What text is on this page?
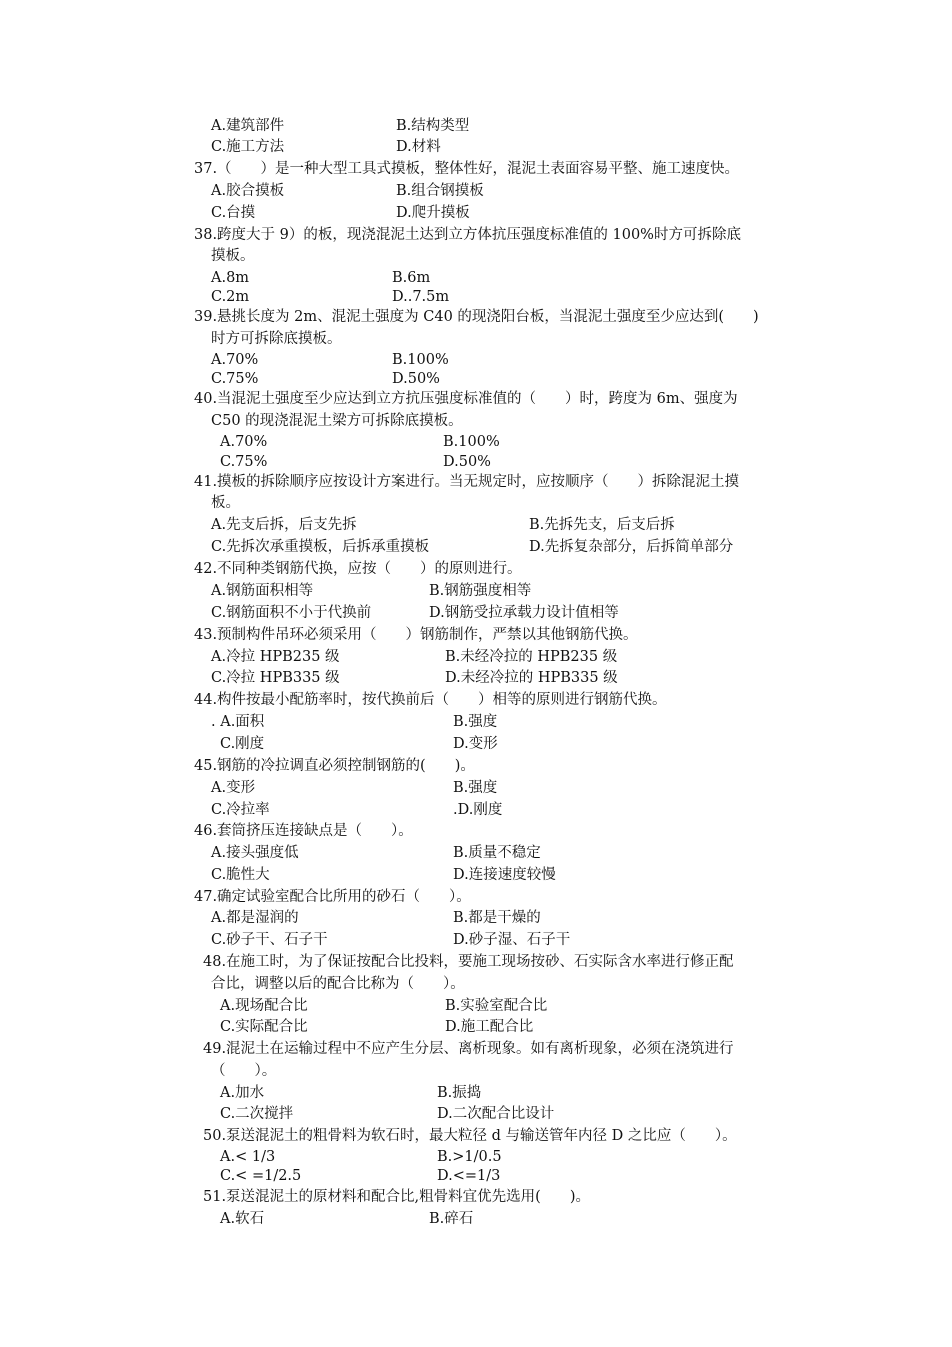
A.建筑部件	B.结构类型
C.施工方法	D.材料
37.（　　）是一种大型工具式摸板，整体性好，混泥土表面容易平整、施工速度快。
A.胶合摸板	B.组合钢摸板
C.台摸	D.爬升摸板
38.跨度大于 9）的板，现浇混泥土达到立方体抗压强度标准值的 100%时方可拆除底
摸板。
A.8m	B.6m
C.2m	D..7.5m
39.悬挑长度为 2m、混泥土强度为 C40 的现浇阳台板，当混泥土强度至少应达到(　　)
时方可拆除底摸板。
A.70%	B.100%
C.75%	D.50%
40.当混泥土强度至少应达到立方抗压强度标准值的（　　）时，跨度为 6m、强度为
C50 的现浇混泥土梁方可拆除底摸板。
A.70%	B.100%
C.75%	D.50%
41.摸板的拆除顺序应按设计方案进行。当无规定时，应按顺序（　　）拆除混泥土摸
板。
A.先支后拆，后支先拆	B.先拆先支，后支后拆
C.先拆次承重摸板，后拆承重摸板	D.先拆复杂部分，后拆简单部分
42.不同种类钢筋代换，应按（　　）的原则进行。
A.钢筋面积相等	B.钢筋强度相等
C.钢筋面积不小于代换前	D.钢筋受拉承载力设计值相等
43.预制构件吊环必须采用（　　）钢筋制作，严禁以其他钢筋代换。
A.冷拉 HPB235 级	B.未经冷拉的 HPB235 级
C.冷拉 HPB335 级	D.未经冷拉的 HPB335 级
44.构件按最小配筋率时，按代换前后（　　）相等的原则进行钢筋代换。
. A.面积	B.强度
C.刚度	D.变形
45.钢筋的冷拉调直必须控制钢筋的(　　)。
A.变形	B.强度
C.冷拉率	.D.刚度
46.套筒挤压连接缺点是（　　）。
A.接头强度低	B.质量不稳定
C.脆性大	D.连接速度较慢
47.确定试验室配合比所用的砂石（　　）。
A.都是湿润的	B.都是干燥的
C.砂子干、石子干	D.砂子湿、石子干
48.在施工时，为了保证按配合比投料，要施工现场按砂、石实际含水率进行修正配
合比，调整以后的配合比称为（　　）。
A.现场配合比	B.实验室配合比
C.实际配合比	D.施工配合比
49.混泥土在运输过程中不应产生分层、离析现象。如有离析现象，必须在浇筑进行
（　　）。
A.加水	B.振捣
C.二次搅拌	D.二次配合比设计
50.泵送混泥土的粗骨料为软石时，最大粒径 d 与输送管年内径 D 之比应（　　）。
A.< 1/3	B.>1/0.5
C.< =1/2.5	D.<=1/3
51.泵送混泥土的原材料和配合比,粗骨料宜优先选用(　　)。
A.软石	B.碎石
